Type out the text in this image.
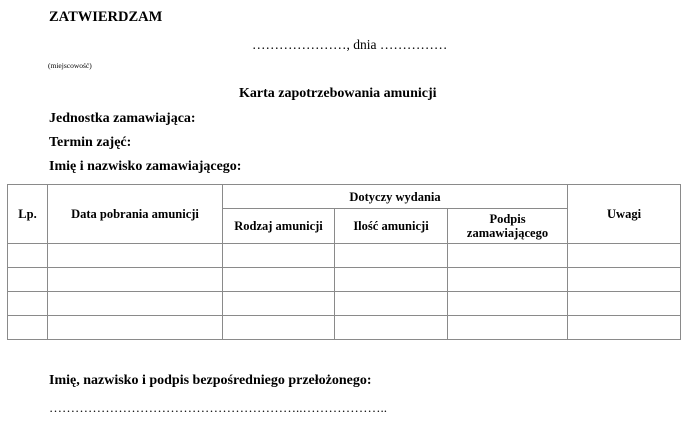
ZATWIERDZAM
…………………, dnia ……………
(miejscowość)
Karta zapotrzebowania amunicji
Jednostka zamawiająca:
Termin zajęć:
Imię i nazwisko zamawiającego:
Lp.	Data pobrania amunicji	Dotyczy wydania			Uwagi
		Rodzaj amunicji	Ilość amunicji	Podpis zamawiającego	

Imię, nazwisko i podpis bezpośredniego przełożonego:
…………………………………………………..………………..
